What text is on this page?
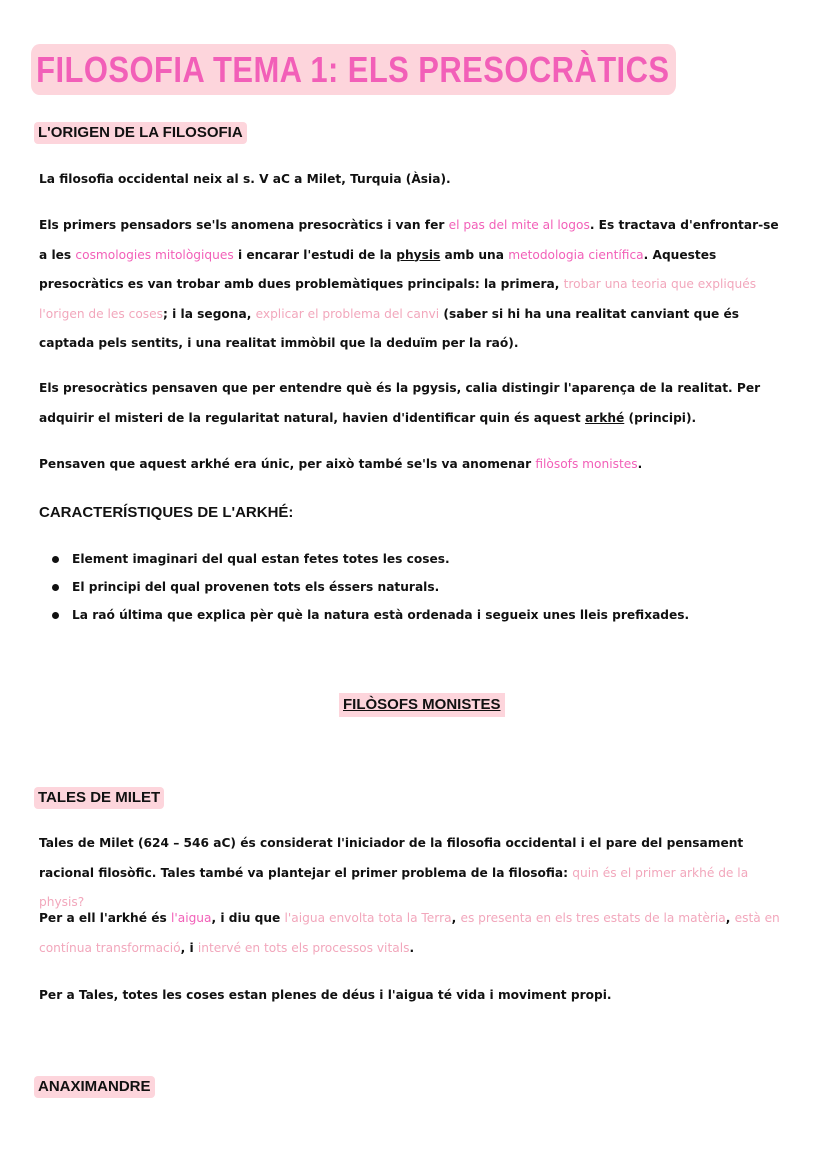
FILOSOFIA TEMA 1: ELS PRESOCRÀTICS
L'ORIGEN DE LA FILOSOFIA
La filosofia occidental neix al s. V aC a Milet, Turquia (Àsia).
Els primers pensadors se'ls anomena presocràtics i van fer el pas del mite al logos. Es tractava d'enfrontar-se a les cosmologies mitològiques i encarar l'estudi de la physis amb una metodologia científica. Aquestes presocràtics es van trobar amb dues problemàtiques principals: la primera, trobar una teoria que expliqués l'origen de les coses; i la segona, explicar el problema del canvi (saber si hi ha una realitat canviant que és captada pels sentits, i una realitat immòbil que la deduïm per la raó).
Els presocràtics pensaven que per entendre què és la pgysis, calia distingir l'aparença de la realitat. Per adquirir el misteri de la regularitat natural, havien d'identificar quin és aquest arkhé (principi).
Pensaven que aquest arkhé era únic, per això també se'ls va anomenar filòsofs monistes.
CARACTERÍSTIQUES DE L'ARKHÉ:
Element imaginari del qual estan fetes totes les coses.
El principi del qual provenen tots els éssers naturals.
La raó última que explica pèr què la natura està ordenada i segueix unes lleis prefixades.
FILÒSOFS MONISTES
TALES DE MILET
Tales de Milet (624 – 546 aC) és considerat l'iniciador de la filosofia occidental i el pare del pensament racional filosòfic. Tales també va plantejar el primer problema de la filosofia: quin és el primer arkhé de la physis?
Per a ell l'arkhé és l'aigua, i diu que l'aigua envolta tota la Terra, es presenta en els tres estats de la matèria, està en contínua transformació, i intervé en tots els processos vitals.
Per a Tales, totes les coses estan plenes de déus i l'aigua té vida i moviment propi.
ANAXIMANDRE
